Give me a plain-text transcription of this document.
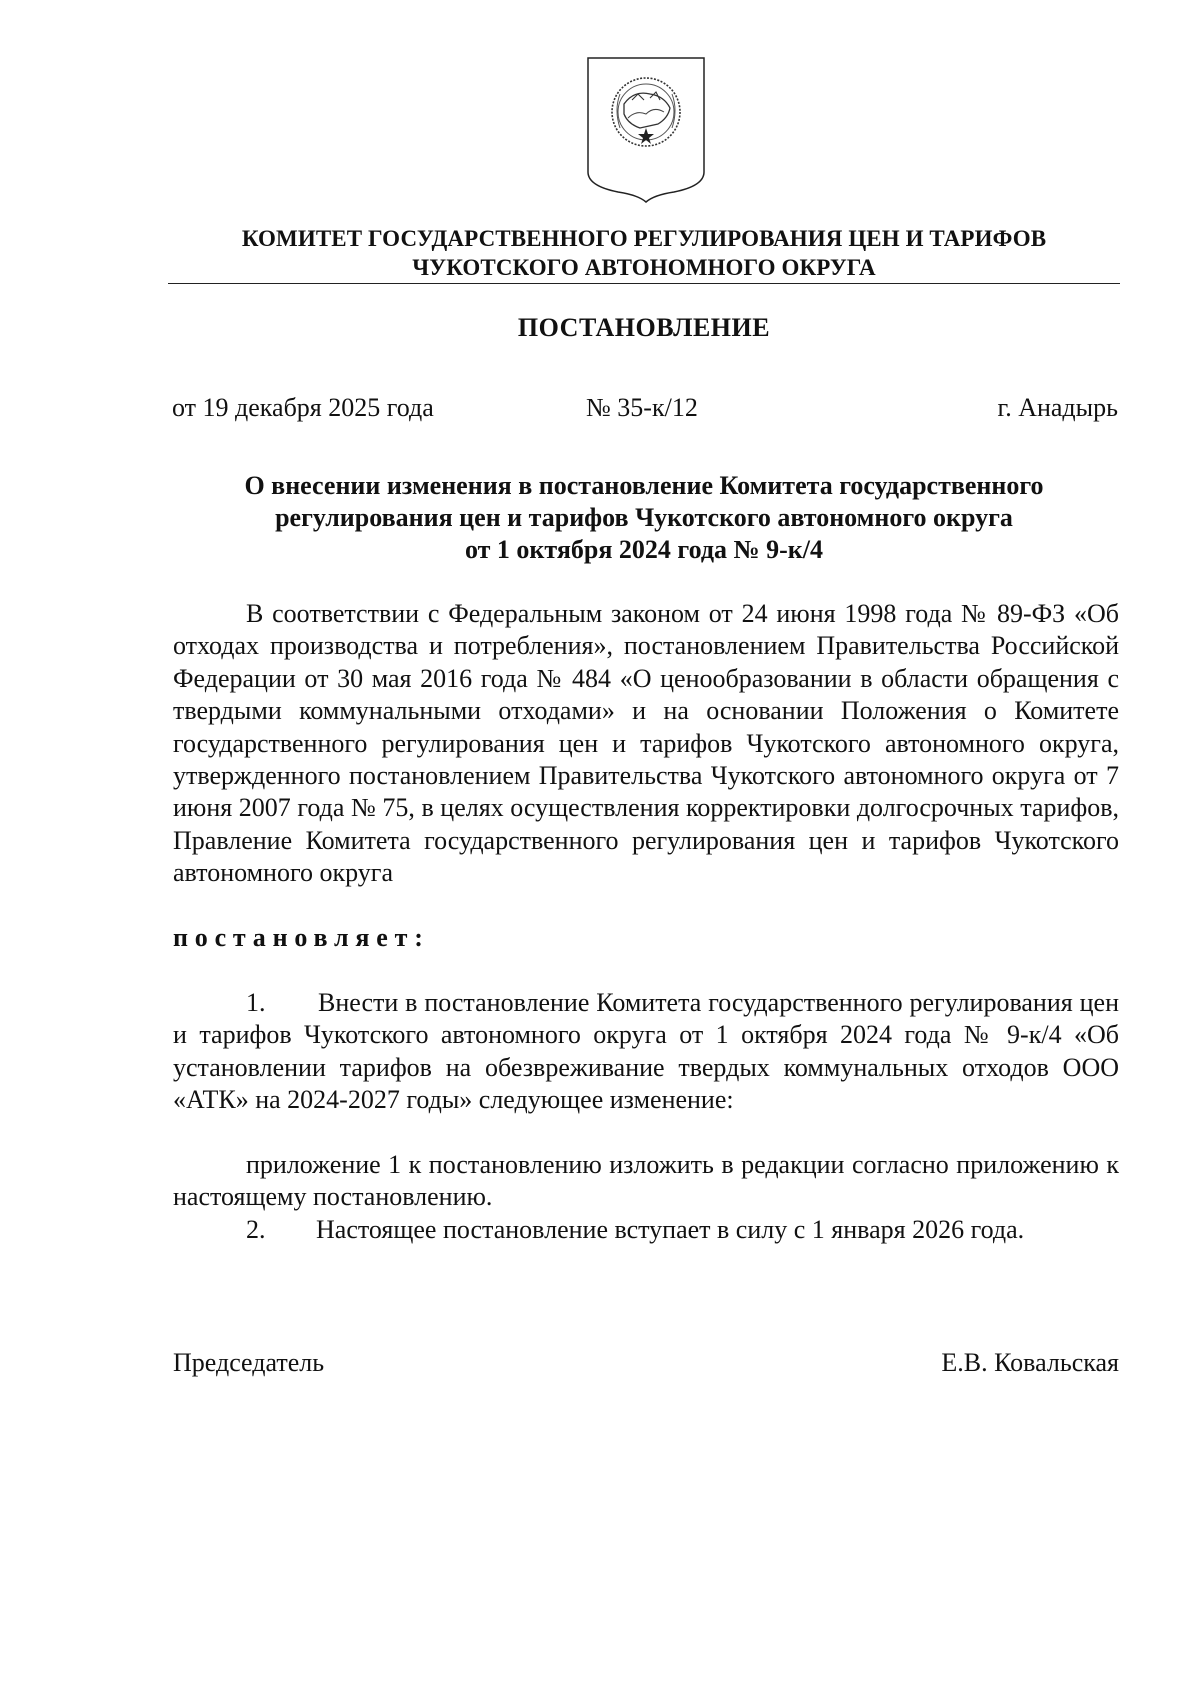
КОМИТЕТ ГОСУДАРСТВЕННОГО РЕГУЛИРОВАНИЯ ЦЕН И ТАРИФОВ
ЧУКОТСКОГО АВТОНОМНОГО ОКРУГА
ПОСТАНОВЛЕНИЕ
от 19 декабря 2025 года	№ 35-к/12	г. Анадырь
О внесении изменения в постановление Комитета государственного
регулирования цен и тарифов Чукотского автономного округа
от 1 октября 2024 года № 9-к/4

В соответствии с Федеральным законом от 24 июня 1998 года № 89-ФЗ «Об отходах производства и потребления», постановлением Правительства Российской Федерации от 30 мая 2016 года № 484 «О ценообразовании в области обращения с твердыми коммунальными отходами» и на основании Положения о Комитете государственного регулирования цен и тарифов Чукотского автономного округа, утвержденного постановлением Правительства Чукотского автономного округа от 7 июня 2007 года № 75, в целях осуществления корректировки долгосрочных тарифов, Правление Комитета государственного регулирования цен и тарифов Чукотского автономного округа

постановляет:

1. Внести в постановление Комитета государственного регулирования цен и тарифов Чукотского автономного округа от 1 октября 2024 года № 9-к/4 «Об установлении тарифов на обезвреживание твердых коммунальных отходов ООО «АТК» на 2024-2027 годы» следующее изменение:

приложение 1 к постановлению изложить в редакции согласно приложению к настоящему постановлению.

2. Настоящее постановление вступает в силу с 1 января 2026 года.
Председатель	Е.В. Ковальская
